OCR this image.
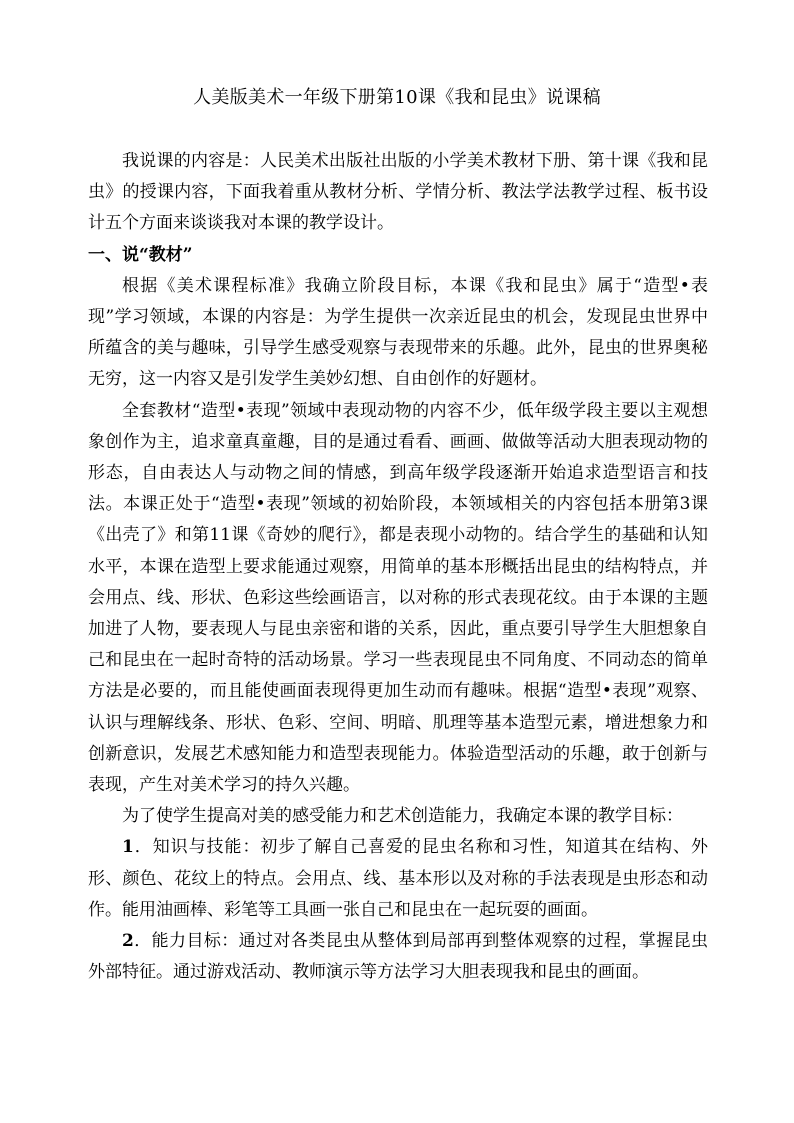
人美版美术一年级下册第10课《我和昆虫》说课稿

我说课的内容是：人民美术出版社出版的小学美术教材下册、第十课《我和昆虫》的授课内容，下面我着重从教材分析、学情分析、教法学法教学过程、板书设计五个方面来谈谈我对本课的教学设计。

一、说“教材”

根据《美术课程标准》我确立阶段目标，本课《我和昆虫》属于“造型•表现”学习领域，本课的内容是：为学生提供一次亲近昆虫的机会，发现昆虫世界中所蕴含的美与趣味，引导学生感受观察与表现带来的乐趣。此外，昆虫的世界奥秘无穷，这一内容又是引发学生美妙幻想、自由创作的好题材。

全套教材“造型•表现”领域中表现动物的内容不少，低年级学段主要以主观想象创作为主，追求童真童趣，目的是通过看看、画画、做做等活动大胆表现动物的形态，自由表达人与动物之间的情感，到高年级学段逐渐开始追求造型语言和技法。本课正处于“造型•表现”领域的初始阶段，本领域相关的内容包括本册第3课《出壳了》和第11课《奇妙的爬行》，都是表现小动物的。结合学生的基础和认知水平，本课在造型上要求能通过观察，用简单的基本形概括出昆虫的结构特点，并会用点、线、形状、色彩这些绘画语言，以对称的形式表现花纹。由于本课的主题加进了人物，要表现人与昆虫亲密和谐的关系，因此，重点要引导学生大胆想象自己和昆虫在一起时奇特的活动场景。学习一些表现昆虫不同角度、不同动态的简单方法是必要的，而且能使画面表现得更加生动而有趣味。根据“造型•表现”观察、认识与理解线条、形状、色彩、空间、明暗、肌理等基本造型元素，增进想象力和创新意识，发展艺术感知能力和造型表现能力。体验造型活动的乐趣，敢于创新与表现，产生对美术学习的持久兴趣。

为了使学生提高对美的感受能力和艺术创造能力，我确定本课的教学目标：

1．知识与技能：初步了解自己喜爱的昆虫名称和习性，知道其在结构、外形、颜色、花纹上的特点。会用点、线、基本形以及对称的手法表现是虫形态和动作。能用油画棒、彩笔等工具画一张自己和昆虫在一起玩耍的画面。

2．能力目标：通过对各类昆虫从整体到局部再到整体观察的过程，掌握昆虫外部特征。通过游戏活动、教师演示等方法学习大胆表现我和昆虫的画面。
